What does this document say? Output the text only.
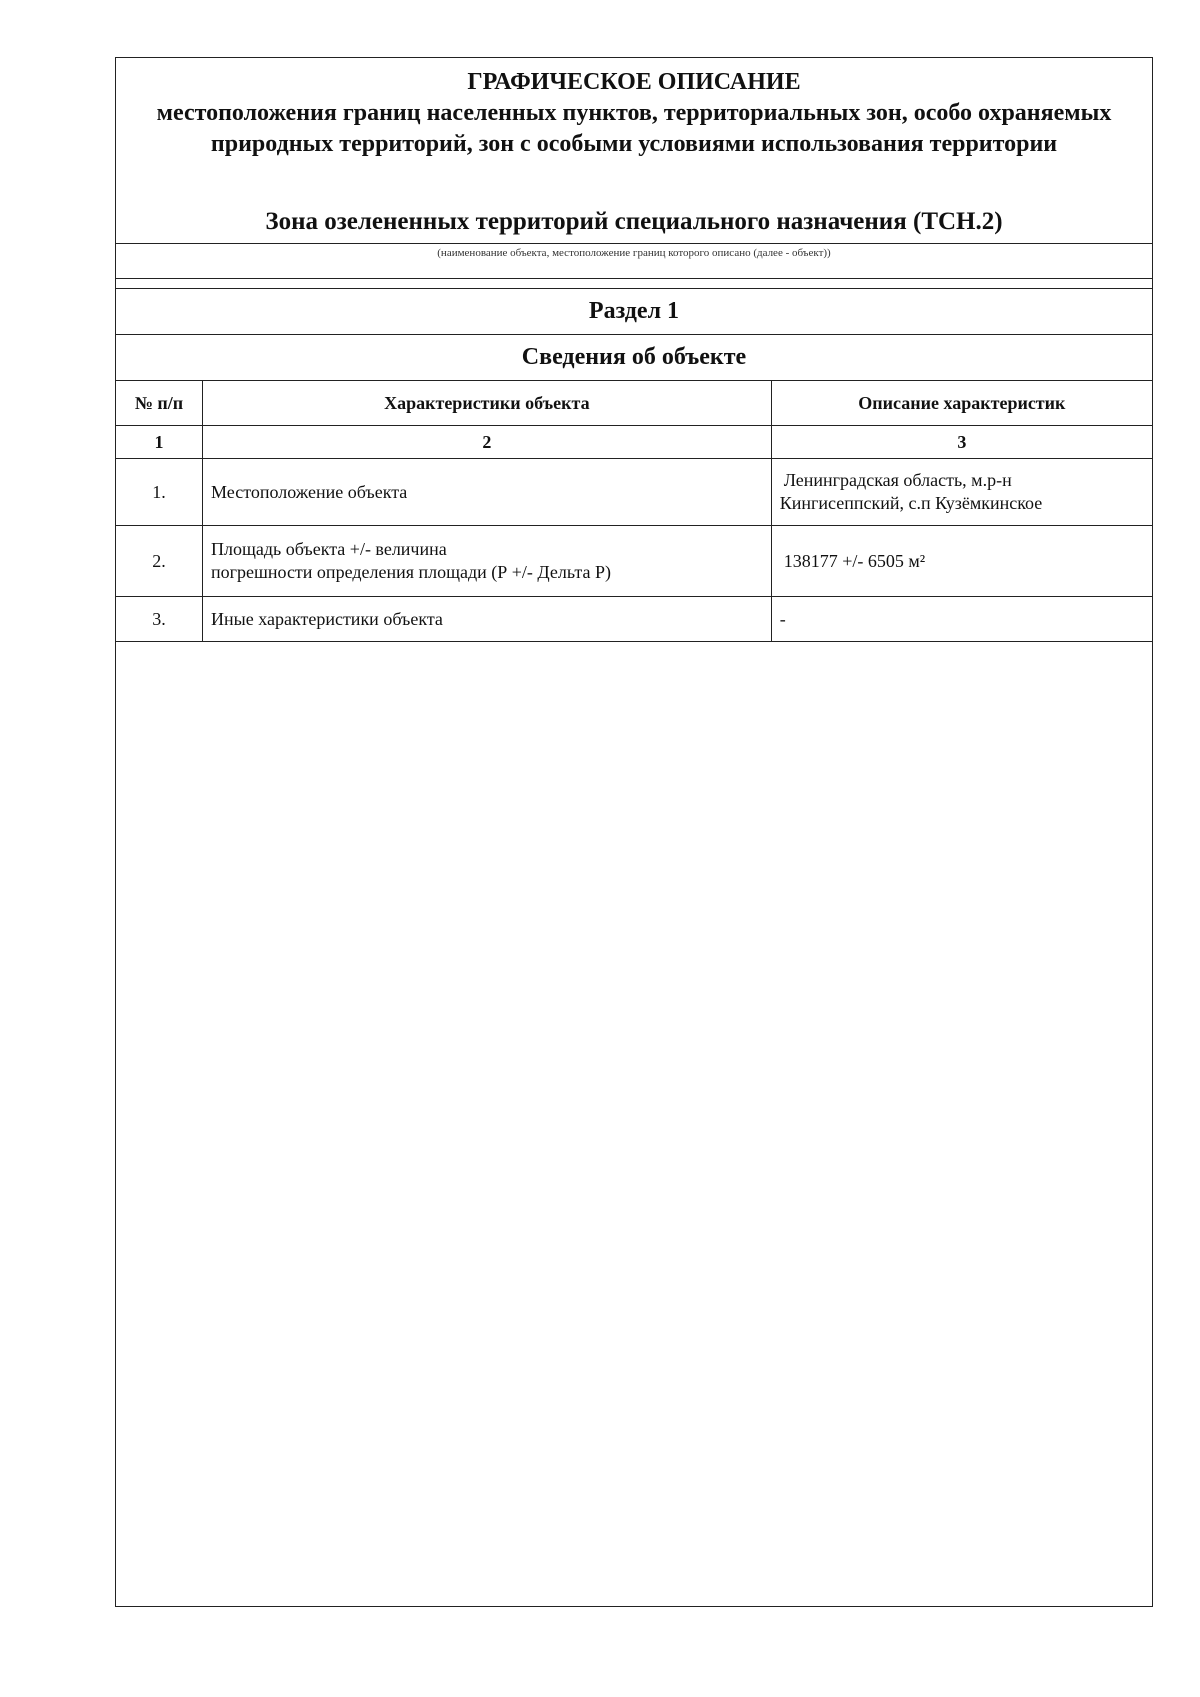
ГРАФИЧЕСКОЕ ОПИСАНИЕ
местоположения границ населенных пунктов, территориальных зон, особо охраняемых природных территорий, зон с особыми условиями использования территории
Зона озелененных территорий специального назначения (ТСН.2)
(наименование объекта, местоположение границ которого описано (далее - объект))
Раздел 1
Сведения об объекте
№ п/п	Характеристики объекта	Описание характеристик
1	2	3
1.	Местоположение объекта	Ленинградская область, м.р-н
Кингисеппский, с.п Кузёмкинское

2.	Площадь объекта +/- величина
погрешности определения площади (Р +/- Дельта Р)	138177 +/- 6505 м²

3.	Иные характеристики объекта	-
